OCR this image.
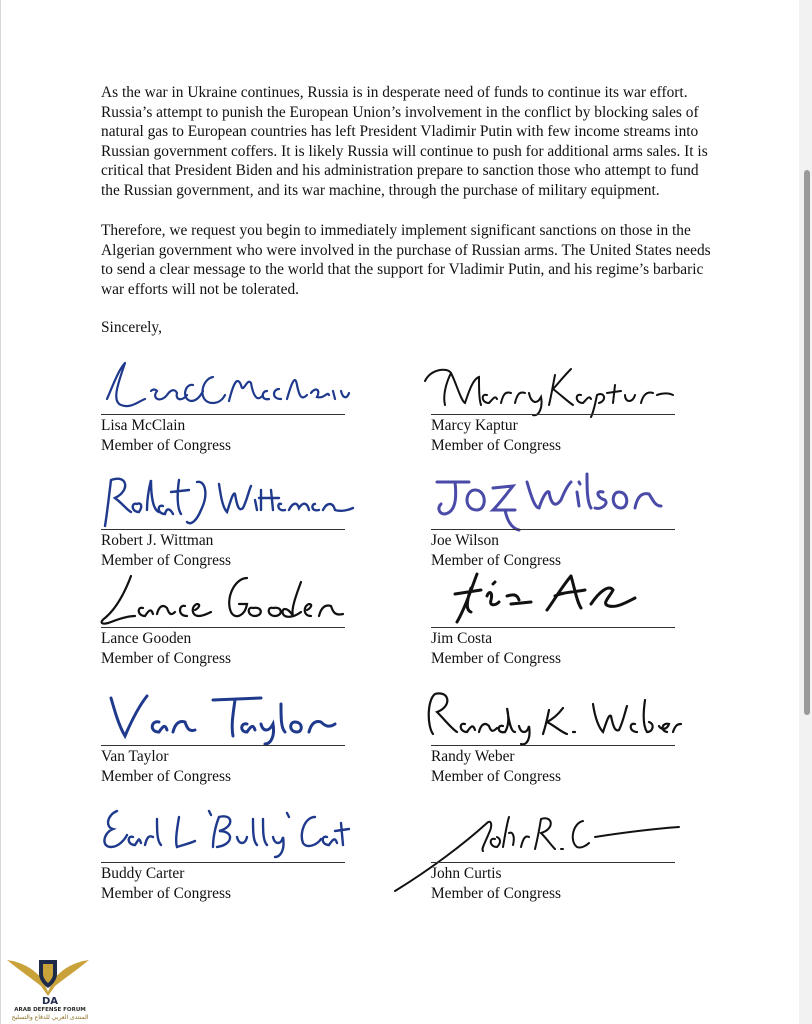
As the war in Ukraine continues, Russia is in desperate need of funds to continue its war effort. Russia’s attempt to punish the European Union’s involvement in the conflict by blocking sales of natural gas to European countries has left President Vladimir Putin with few income streams into Russian government coffers. It is likely Russia will continue to push for additional arms sales. It is critical that President Biden and his administration prepare to sanction those who attempt to fund the Russian government, and its war machine, through the purchase of military equipment.

Therefore, we request you begin to immediately implement significant sanctions on those in the Algerian government who were involved in the purchase of Russian arms. The United States needs to send a clear message to the world that the support for Vladimir Putin, and his regime’s barbaric war efforts will not be tolerated.

Sincerely,

Lisa McClain
Member of Congress
Marcy Kaptur
Member of Congress
Robert J. Wittman
Member of Congress
Joe Wilson
Member of Congress
Lance Gooden
Member of Congress
Jim Costa
Member of Congress
Van Taylor
Member of Congress
Randy Weber
Member of Congress
Buddy Carter
Member of Congress
John Curtis
Member of Congress
DA
ARAB DEFENSE FORUM
المنتدى العربي للدفاع والتسليح
